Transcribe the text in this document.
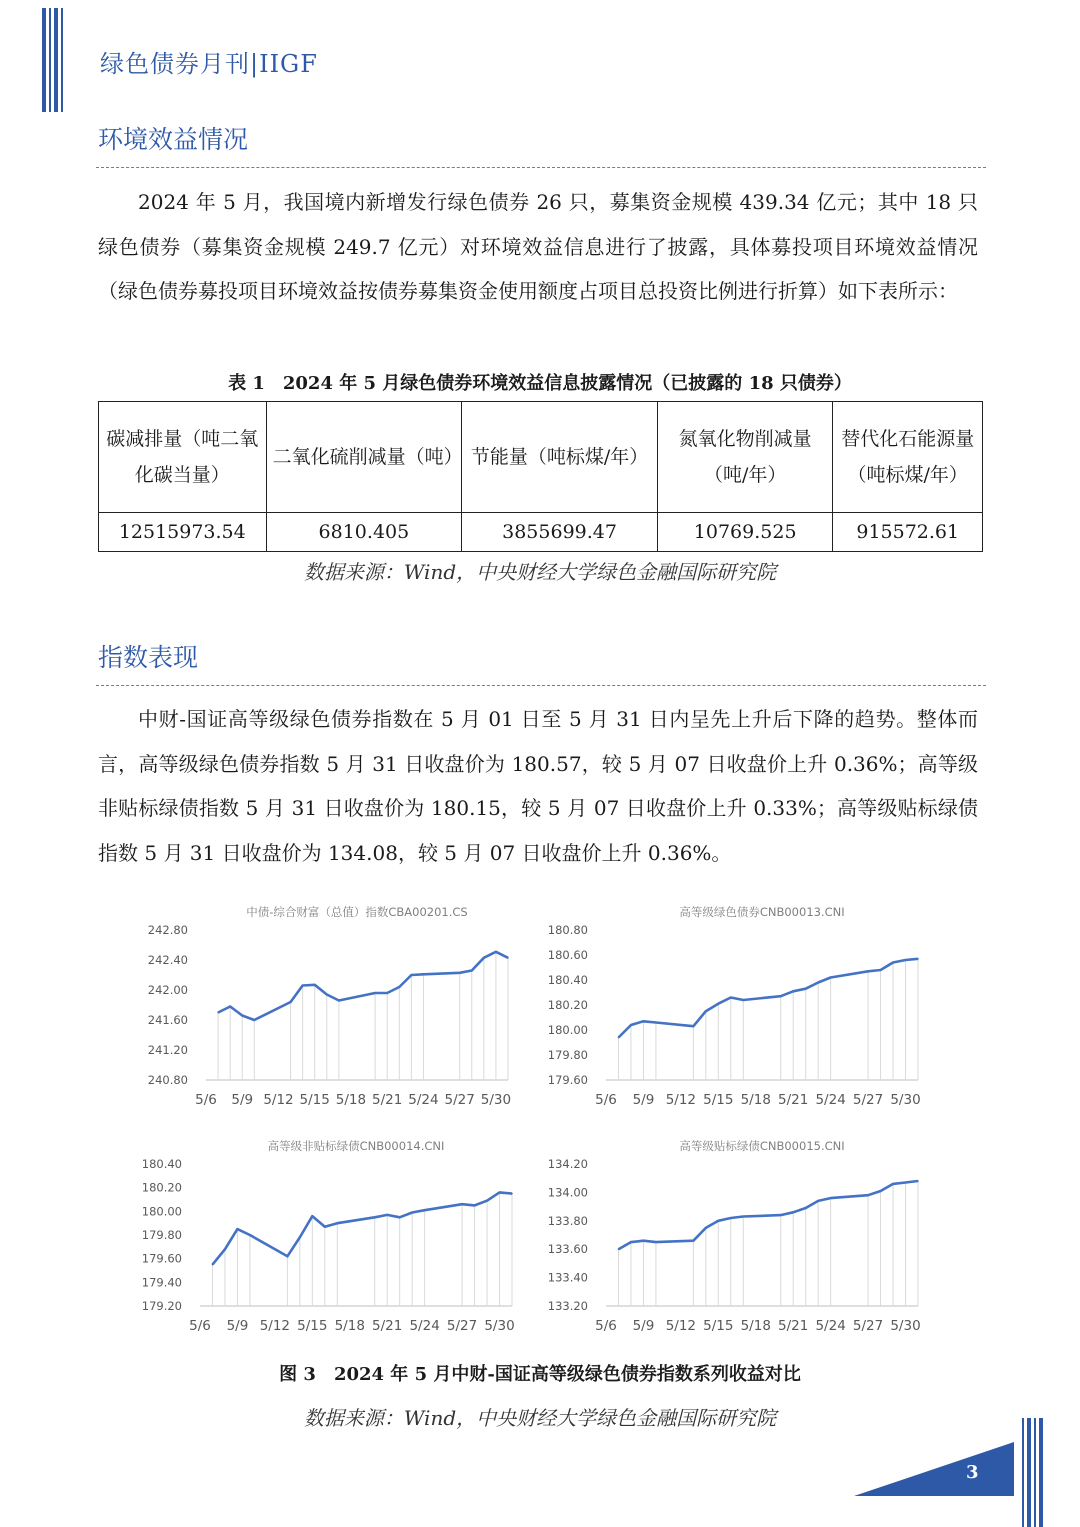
绿色债券月刊|IIGF
环境效益情况

2024 年 5 月，我国境内新增发行绿色债券 26 只，募集资金规模 439.34 亿元；其中 18 只绿色债券（募集资金规模 249.7 亿元）对环境效益信息进行了披露，具体募投项目环境效益情况（绿色债券募投项目环境效益按债券募集资金使用额度占项目总投资比例进行折算）如下表所示：

表 1　2024 年 5 月绿色债券环境效益信息披露情况（已披露的 18 只债券）
碳减排量（吨二氧化碳当量）	二氧化硫削减量（吨）	节能量（吨标煤/年）	氮氧化物削减量（吨/年）	替代化石能源量（吨标煤/年）
12515973.54	6810.405	3855699.47	10769.525	915572.61
数据来源：Wind，中央财经大学绿色金融国际研究院
指数表现

中财-国证高等级绿色债券指数在 5 月 01 日至 5 月 31 日内呈先上升后下降的趋势。整体而言，高等级绿色债券指数 5 月 31 日收盘价为 180.57，较 5 月 07 日收盘价上升 0.36%；高等级非贴标绿债指数 5 月 31 日收盘价为 180.15，较 5 月 07 日收盘价上升 0.33%；高等级贴标绿债指数 5 月 31 日收盘价为 134.08，较 5 月 07 日收盘价上升 0.36%。

中债-综合财富（总值）指数CBA00201.CS
242.80
242.40
242.00
241.60
241.20
240.80
5/6 5/9 5/12 5/15 5/18 5/21 5/24 5/27 5/30
高等级绿色债券CNB00013.CNI
180.80
180.60
180.40
180.20
180.00
179.80
179.60
5/6 5/9 5/12 5/15 5/18 5/21 5/24 5/27 5/30
高等级非贴标绿债CNB00014.CNI
180.40
180.20
180.00
179.80
179.60
179.40
179.20
5/6 5/9 5/12 5/15 5/18 5/21 5/24 5/27 5/30
高等级贴标绿债CNB00015.CNI
134.20
134.00
133.80
133.60
133.40
133.20
5/6 5/9 5/12 5/15 5/18 5/21 5/24 5/27 5/30
图 3　2024 年 5 月中财-国证高等级绿色债券指数系列收益对比
数据来源：Wind，中央财经大学绿色金融国际研究院
3
